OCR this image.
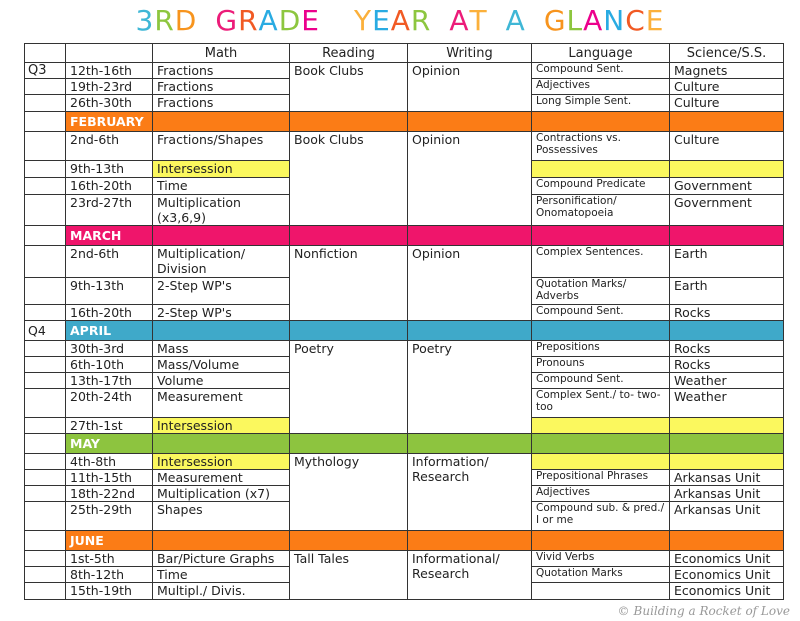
3RD GRADE YEAR AT A GLANCE
		Math	Reading	Writing	Language	Science/S.S.
Q3	12th-16th	Fractions	Book Clubs	Opinion	Compound Sent.	Magnets
	19th-23rd	Fractions			Adjectives	Culture
	26th-30th	Fractions			Long Simple Sent.	Culture
	FEBRUARY					
	2nd-6th	Fractions/Shapes	Book Clubs	Opinion	Contractions vs. Possessives	Culture
	9th-13th	Intersession				
	16th-20th	Time			Compound Predicate	Government
	23rd-27th	Multiplication (x3,6,9)			Personification/ Onomatopoeia	Government
	MARCH					
	2nd-6th	Multiplication/ Division	Nonfiction	Opinion	Complex Sentences.	Earth
	9th-13th	2-Step WP's			Quotation Marks/ Adverbs	Earth
	16th-20th	2-Step WP's			Compound Sent.	Rocks
Q4	APRIL					
	30th-3rd	Mass	Poetry	Poetry	Prepositions	Rocks
	6th-10th	Mass/Volume			Pronouns	Rocks
	13th-17th	Volume			Compound Sent.	Weather
	20th-24th	Measurement			Complex Sent./ to- two-too	Weather
	27th-1st	Intersession				
	MAY					
	4th-8th	Intersession	Mythology	Information/ Research		
	11th-15th	Measurement			Prepositional Phrases	Arkansas Unit
	18th-22nd	Multiplication (x7)			Adjectives	Arkansas Unit
	25th-29th	Shapes			Compound sub. & pred./ I or me	Arkansas Unit
	JUNE					
	1st-5th	Bar/Picture Graphs	Tall Tales	Informational/ Research	Vivid Verbs	Economics Unit
	8th-12th	Time			Quotation Marks	Economics Unit
	15th-19th	Multipl./ Divis.				Economics Unit
© Building a Rocket of Love
